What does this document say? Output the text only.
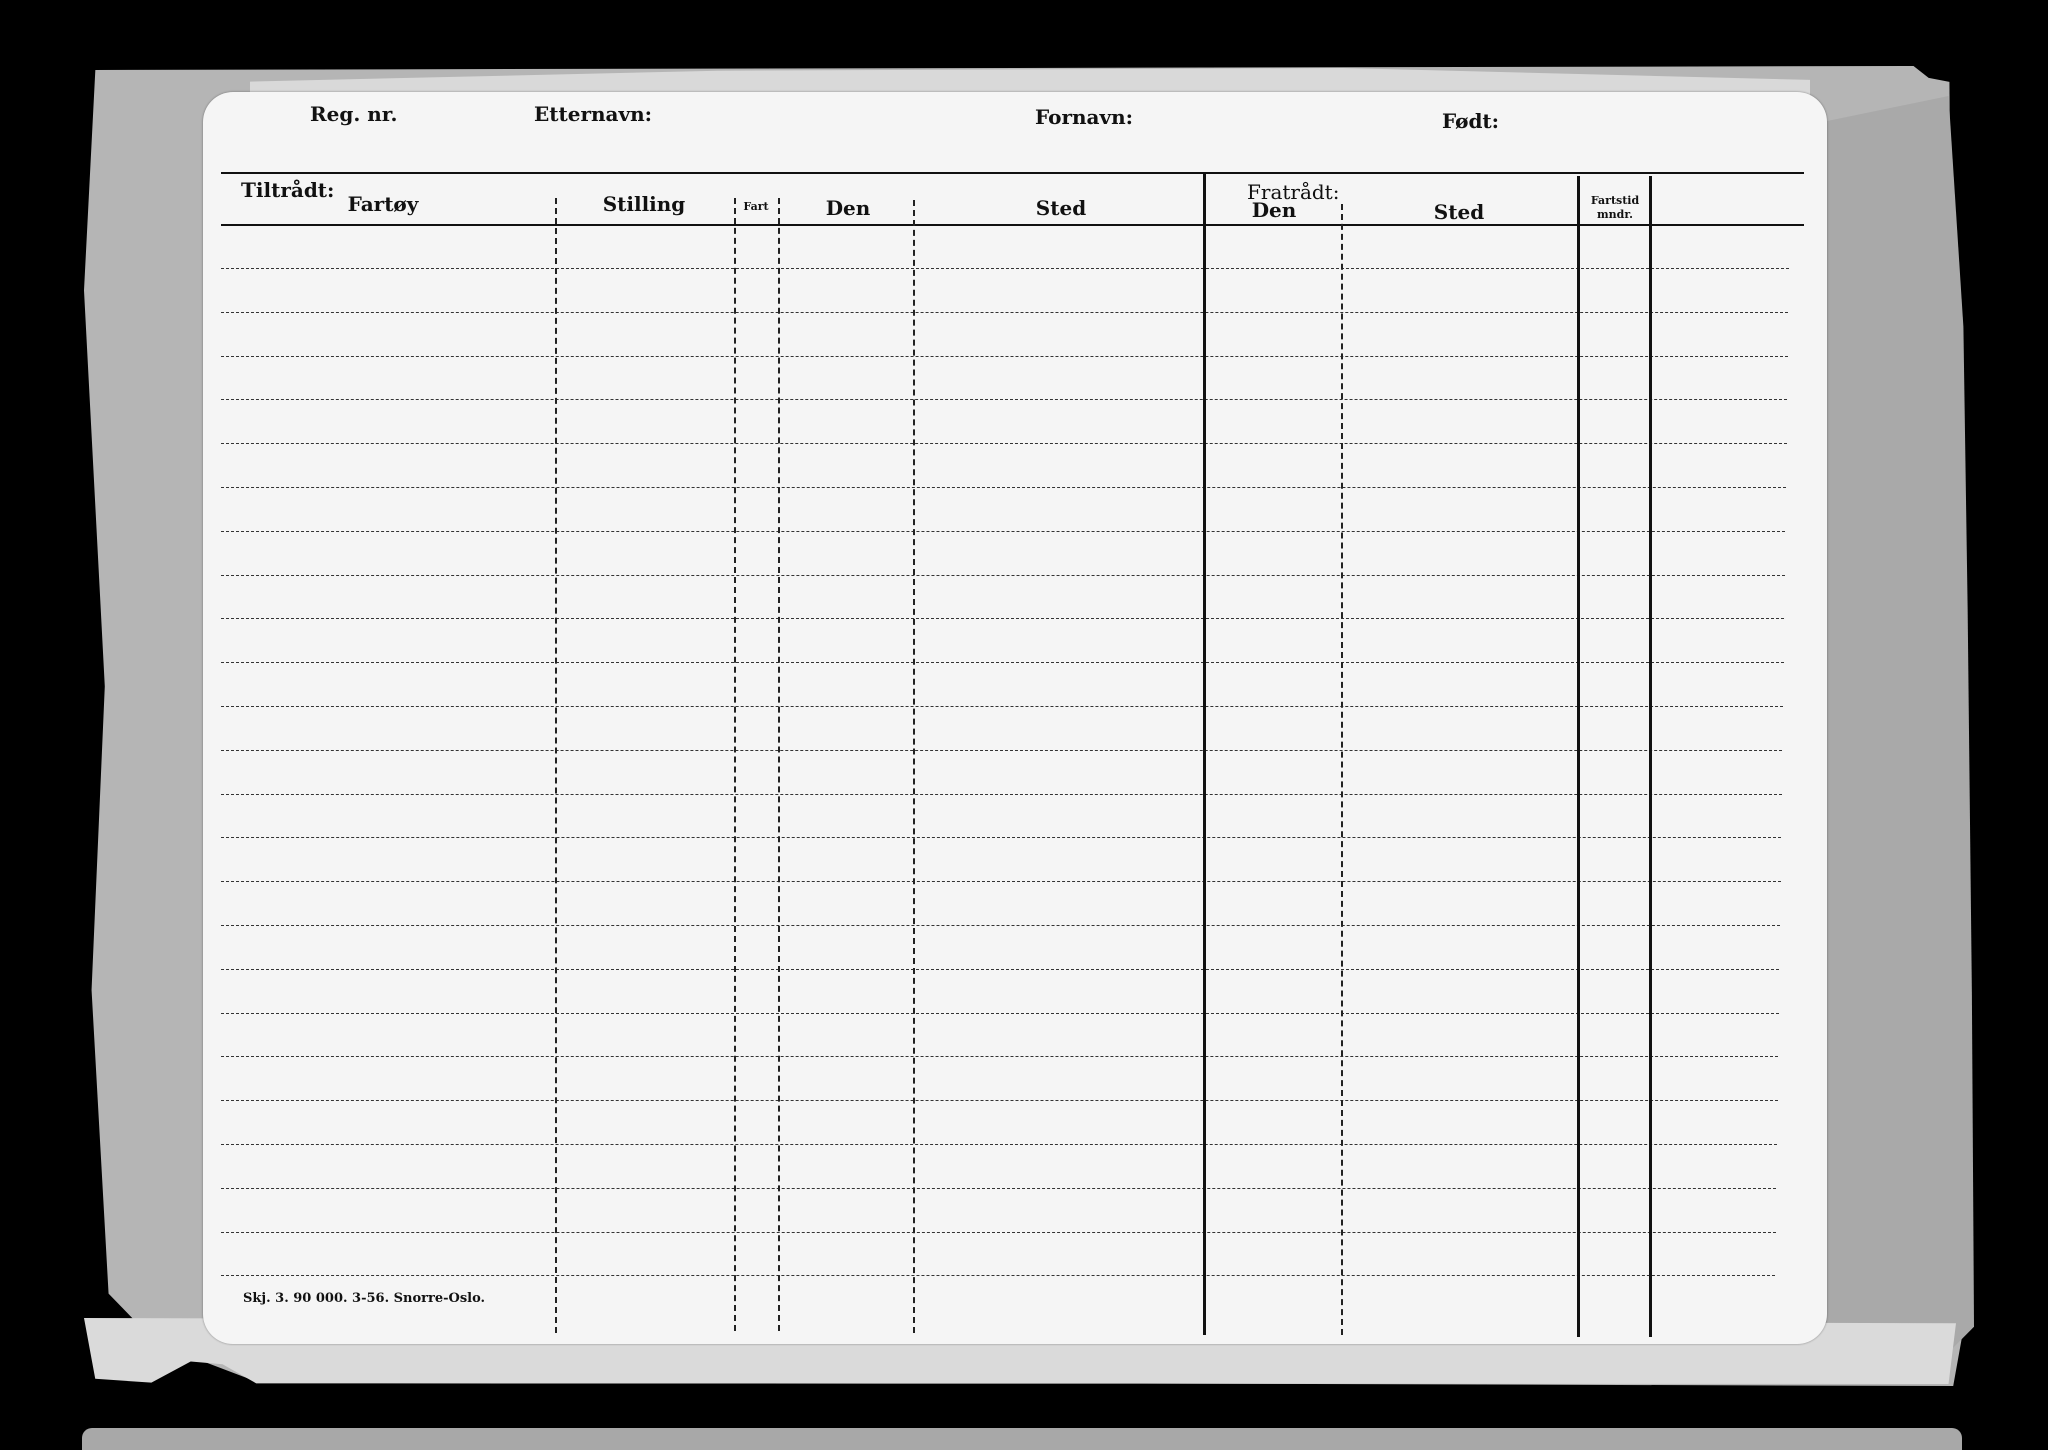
Reg. nr.	Etternavn:	Fornavn:	Født:
Tiltrådt:	Fratrådt:
Fartøy	Stilling	Fart	Den	Sted	Den	Sted	Fartstid
mndr.
Skj. 3. 90 000. 3-56. Snorre-Oslo.
